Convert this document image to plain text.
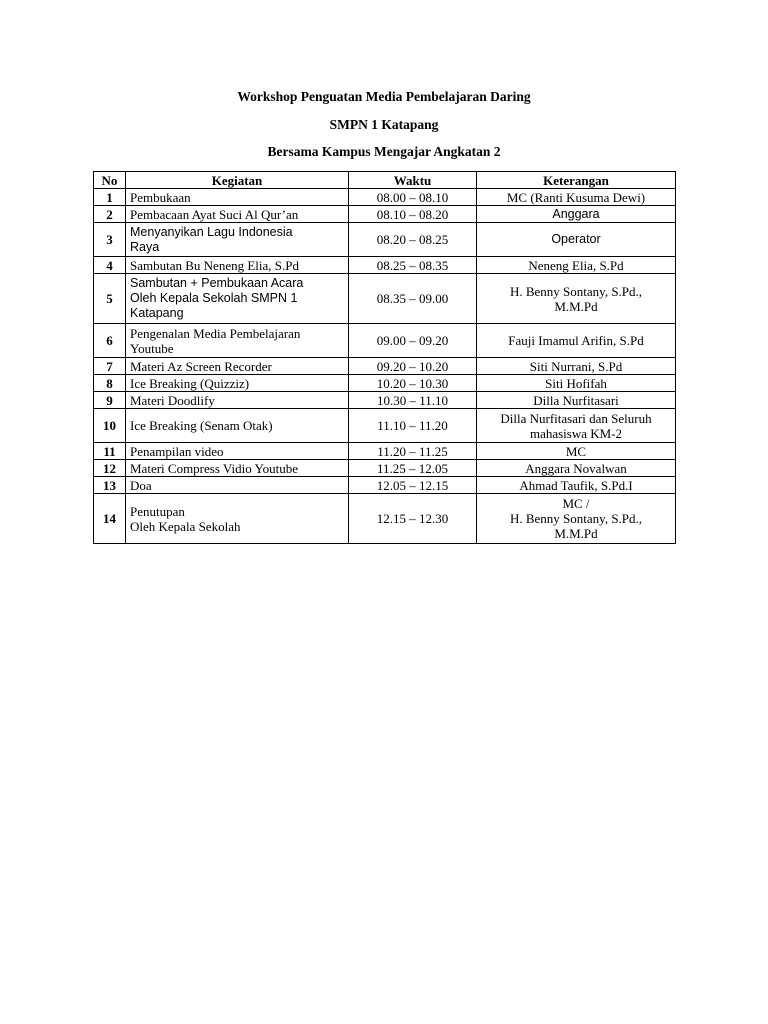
Workshop Penguatan Media Pembelajaran Daring
SMPN 1 Katapang
Bersama Kampus Mengajar Angkatan 2
No	Kegiatan	Waktu	Keterangan
1	Pembukaan	08.00 – 08.10	MC (Ranti Kusuma Dewi)
2	Pembacaan Ayat Suci Al Qur’an	08.10 – 08.20	Anggara
3	Menyanyikan Lagu Indonesia
Raya	08.20 – 08.25	Operator
4	Sambutan Bu Neneng Elia, S.Pd	08.25 – 08.35	Neneng Elia, S.Pd
5	Sambutan + Pembukaan Acara
Oleh Kepala Sekolah SMPN 1
Katapang	08.35 – 09.00	H. Benny Sontany, S.Pd.,
M.M.Pd
6	Pengenalan Media Pembelajaran
Youtube	09.00 – 09.20	Fauji Imamul Arifin, S.Pd
7	Materi Az Screen Recorder	09.20 – 10.20	Siti Nurrani, S.Pd
8	Ice Breaking (Quizziz)	10.20 – 10.30	Siti Hofifah
9	Materi Doodlify	10.30 – 11.10	Dilla Nurfitasari
10	Ice Breaking (Senam Otak)	11.10 – 11.20	Dilla Nurfitasari dan Seluruh
mahasiswa KM-2
11	Penampilan video	11.20 – 11.25	MC
12	Materi Compress Vidio Youtube	11.25 – 12.05	Anggara Novalwan
13	Doa	12.05 – 12.15	Ahmad Taufik, S.Pd.I
14	Penutupan
Oleh Kepala Sekolah	12.15 – 12.30	MC /
H. Benny Sontany, S.Pd.,
M.M.Pd
